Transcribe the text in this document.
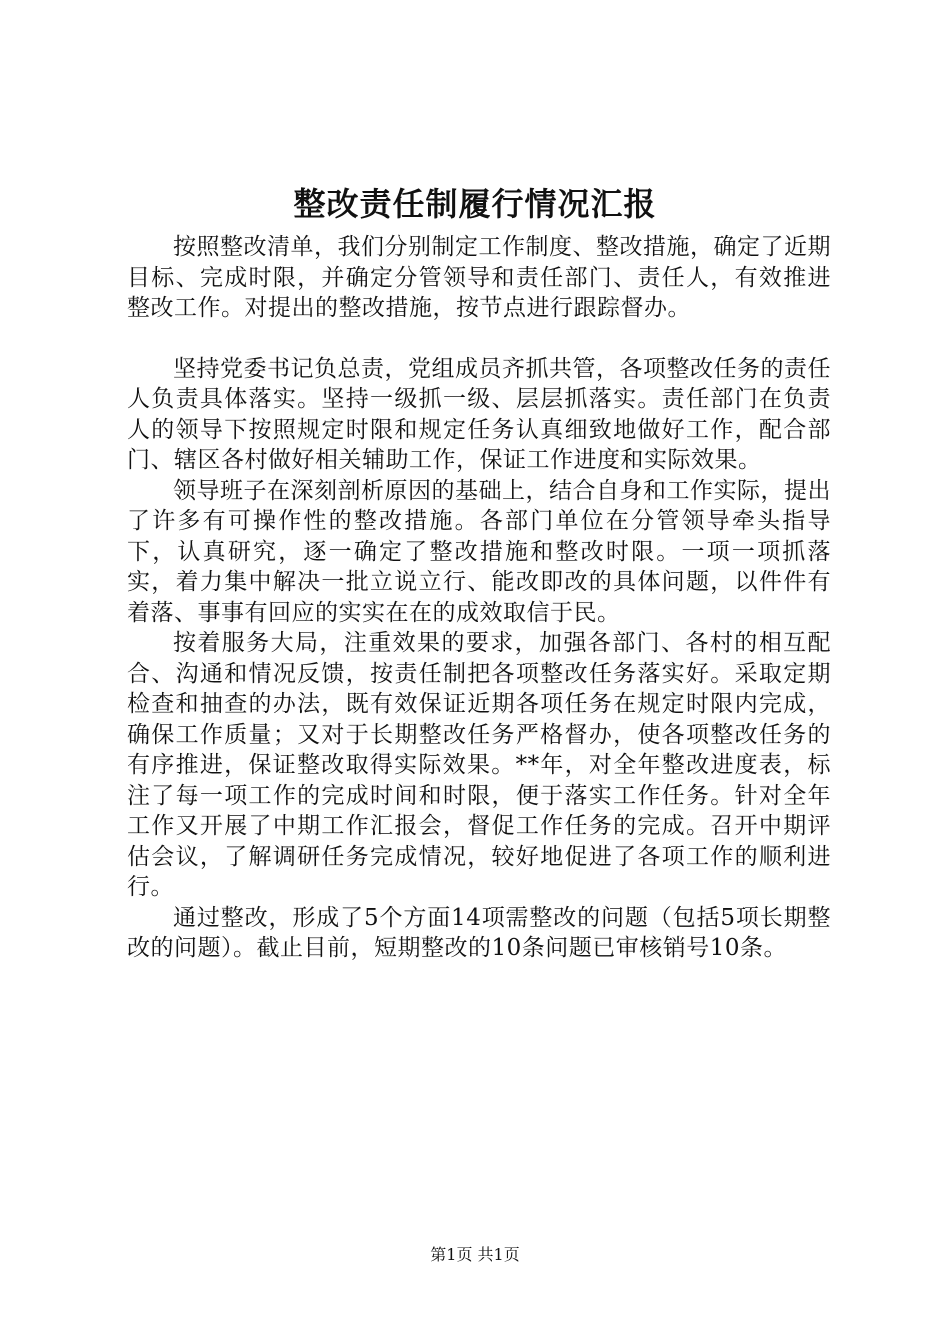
整改责任制履行情况汇报

按照整改清单，我们分别制定工作制度、整改措施，确定了近期目标、完成时限，并确定分管领导和责任部门、责任人，有效推进整改工作。对提出的整改措施，按节点进行跟踪督办。

坚持党委书记负总责，党组成员齐抓共管，各项整改任务的责任人负责具体落实。坚持一级抓一级、层层抓落实。责任部门在负责人的领导下按照规定时限和规定任务认真细致地做好工作，配合部门、辖区各村做好相关辅助工作，保证工作进度和实际效果。

领导班子在深刻剖析原因的基础上，结合自身和工作实际，提出了许多有可操作性的整改措施。各部门单位在分管领导牵头指导下，认真研究，逐一确定了整改措施和整改时限。一项一项抓落实，着力集中解决一批立说立行、能改即改的具体问题，以件件有着落、事事有回应的实实在在的成效取信于民。

按着服务大局，注重效果的要求，加强各部门、各村的相互配合、沟通和情况反馈，按责任制把各项整改任务落实好。采取定期检查和抽查的办法，既有效保证近期各项任务在规定时限内完成，确保工作质量；又对于长期整改任务严格督办，使各项整改任务的有序推进，保证整改取得实际效果。**年，对全年整改进度表，标注了每一项工作的完成时间和时限，便于落实工作任务。针对全年工作又开展了中期工作汇报会，督促工作任务的完成。召开中期评估会议，了解调研任务完成情况，较好地促进了各项工作的顺利进行。

通过整改，形成了5个方面14项需整改的问题（包括5项长期整改的问题）。截止目前，短期整改的10条问题已审核销号10条。

第1页 共1页
